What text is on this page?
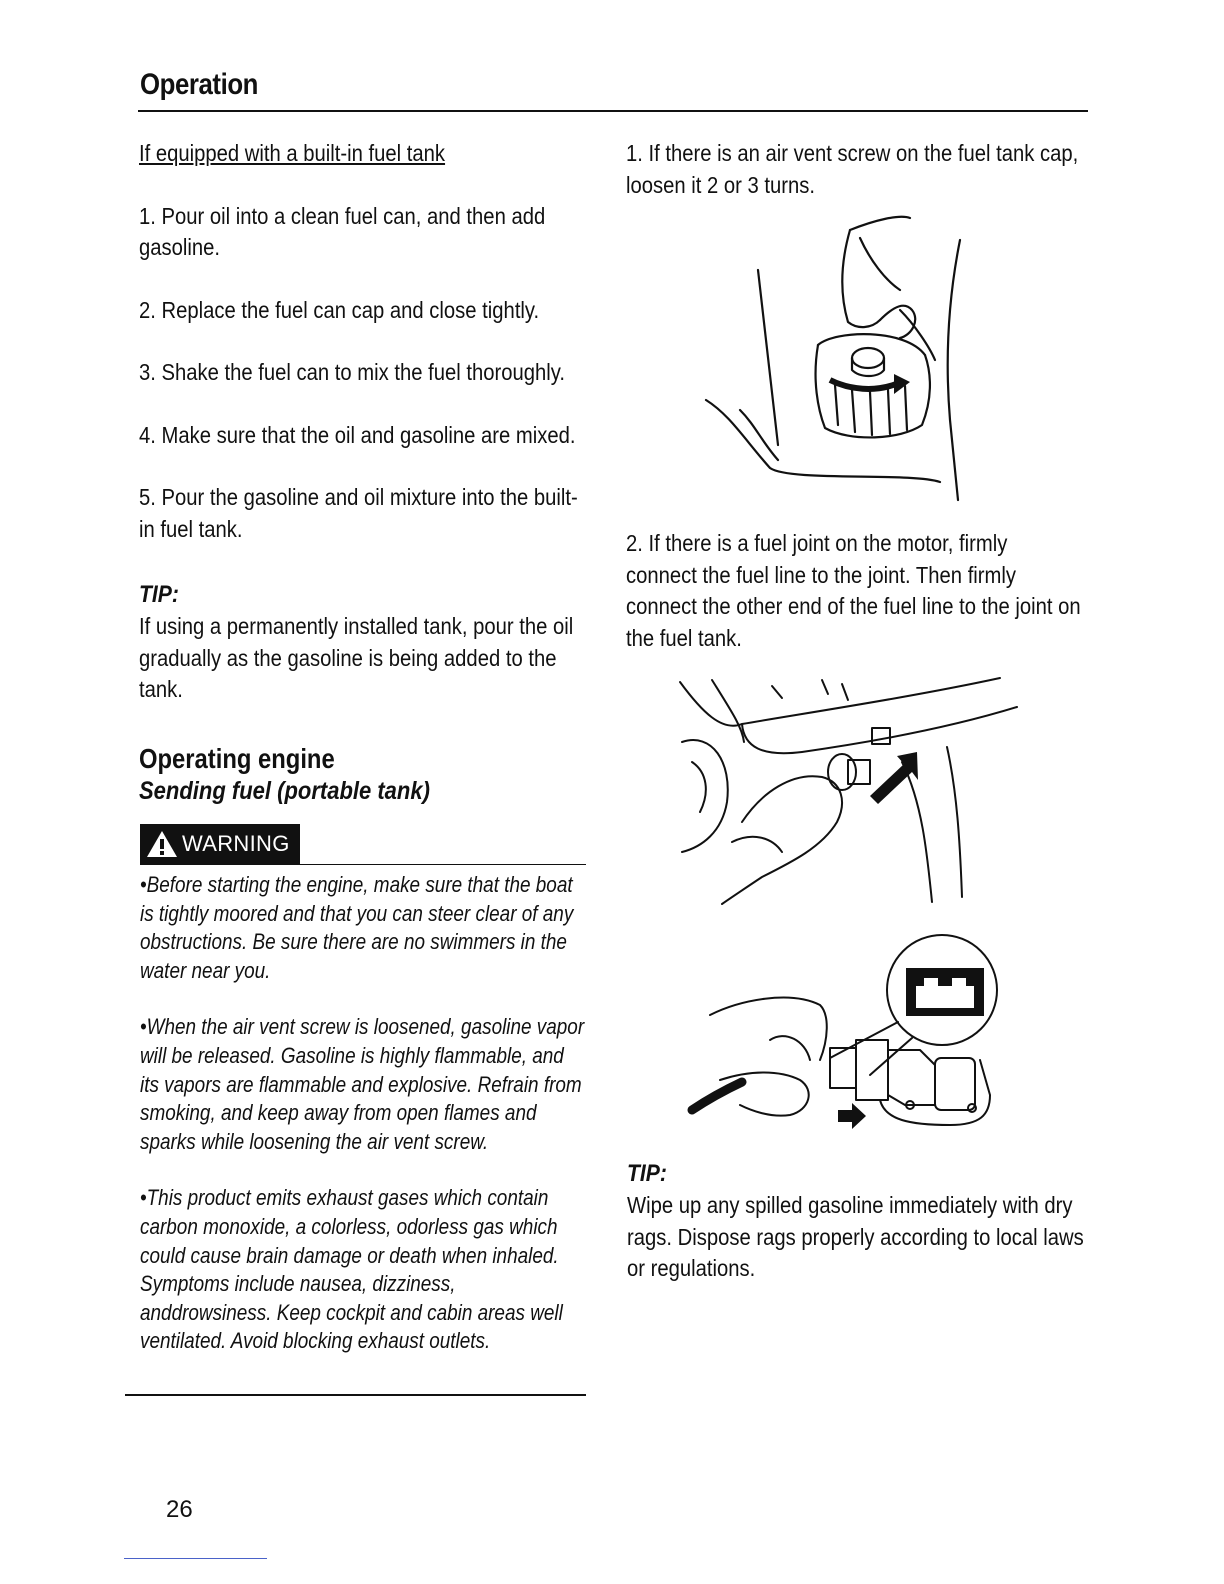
Operation

If equipped with a built-in fuel tank

1. Pour oil into a clean fuel can, and then add gasoline.

2. Replace the fuel can cap and close tightly.

3. Shake the fuel can to mix the fuel thoroughly.

4. Make sure that the oil and gasoline are mixed.

5. Pour the gasoline and oil mixture into the built-in fuel tank.

TIP:

If using a permanently installed tank, pour the oil gradually as the gasoline is being added to the tank.

Operating engine

Sending fuel (portable tank)

WARNING

•Before starting the engine, make sure that the boat is tightly moored and that you can steer clear of any obstructions. Be sure there are no swimmers in the water near you.

•When the air vent screw is loosened, gasoline vapor will be released. Gasoline is highly flammable, and its vapors are flammable and explosive. Refrain from smoking, and keep away from open flames and sparks while loosening the air vent screw.

•This product emits exhaust gases which contain carbon monoxide, a colorless, odorless gas which could cause brain damage or death when inhaled. Symptoms include nausea, dizziness, anddrowsiness. Keep cockpit and cabin areas well ventilated. Avoid blocking exhaust outlets.

1. If there is an air vent screw on the fuel tank cap, loosen it 2 or 3 turns.

2. If there is a fuel joint on the motor, firmly connect the fuel line to the joint. Then firmly connect the other end of the fuel line to the joint on the fuel tank.

TIP:

Wipe up any spilled gasoline immediately with dry rags. Dispose rags properly according to local laws or regulations.

26
